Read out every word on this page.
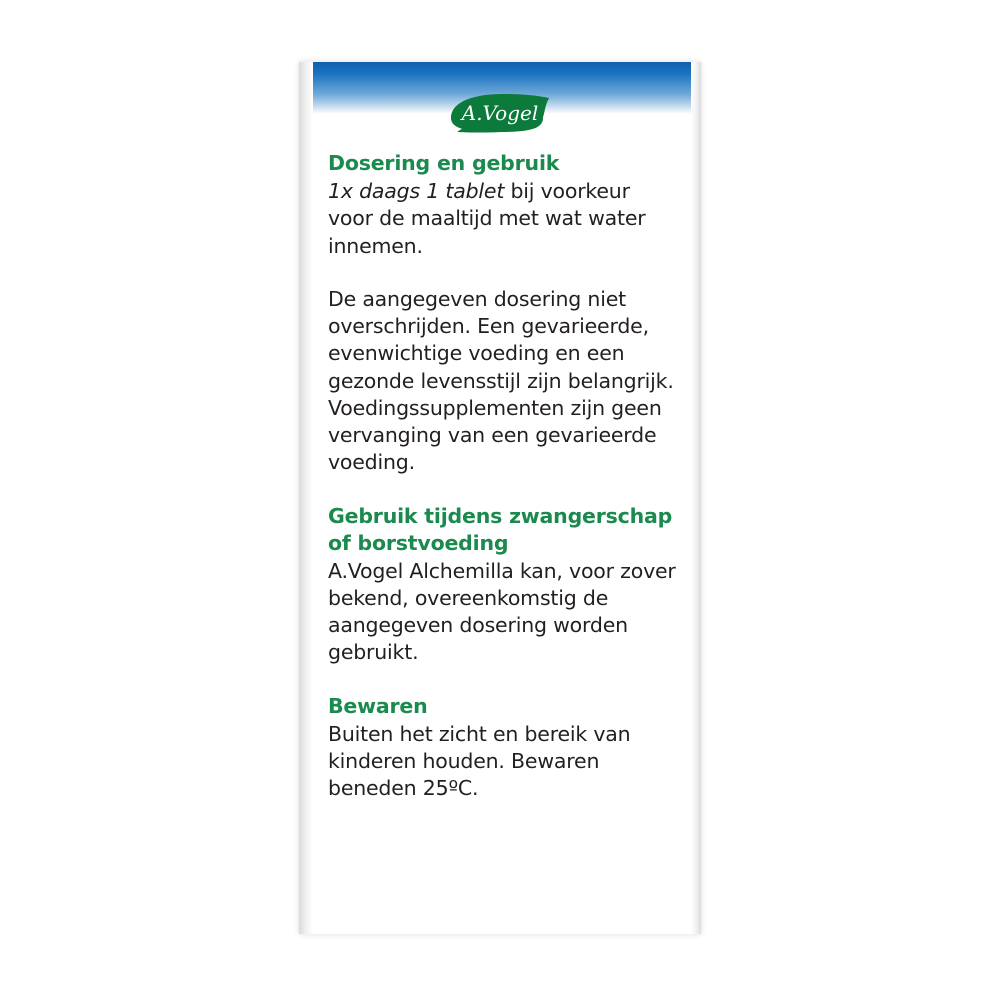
A.Vogel

Dosering en gebruik

1x daags 1 tablet bij voorkeur voor de maaltijd met wat water innemen.

De aangegeven dosering niet overschrijden. Een gevarieerde, evenwichtige voeding en een gezonde levensstijl zijn belangrijk. Voedingssupplementen zijn geen vervanging van een gevarieerde voeding.

Gebruik tijdens zwangerschap of borstvoeding

A.Vogel Alchemilla kan, voor zover bekend, overeenkomstig de aangegeven dosering worden gebruikt.

Bewaren

Buiten het zicht en bereik van kinderen houden. Bewaren beneden 25ºC.
